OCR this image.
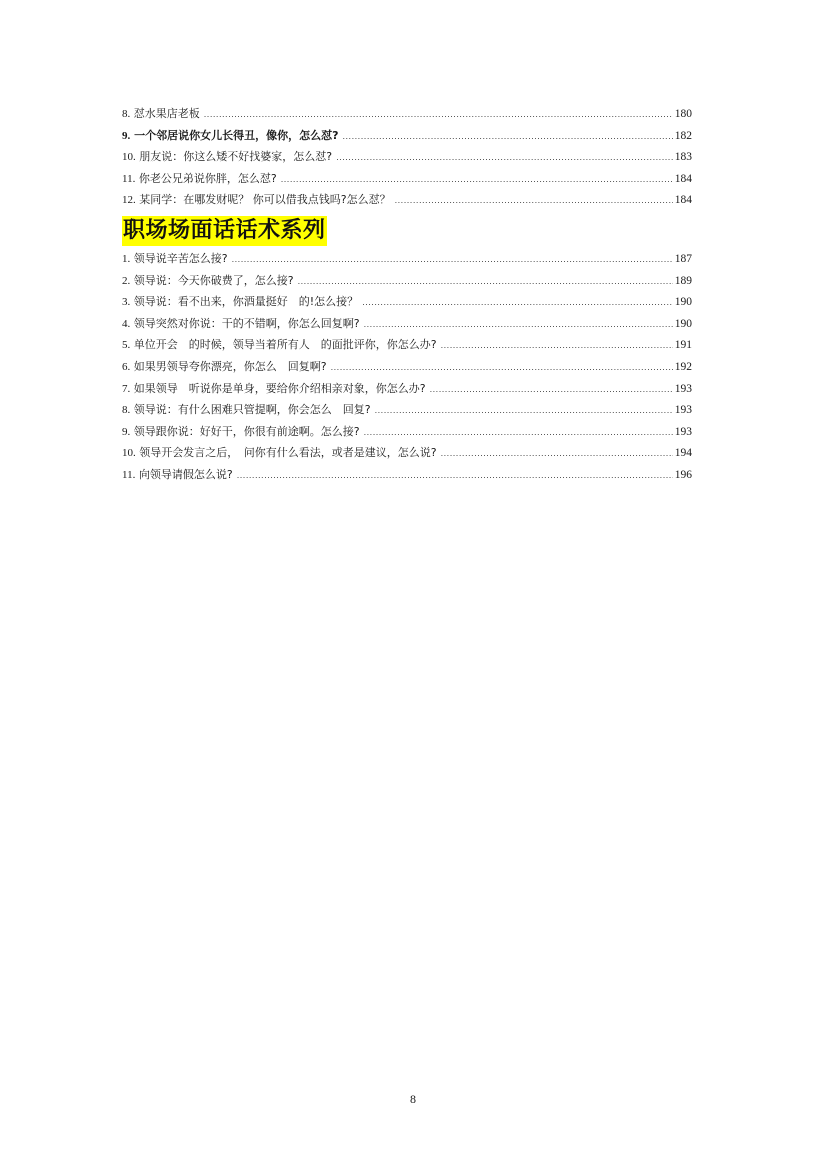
8. 怼水果店老板 .....	180
9. 一个邻居说你女儿长得丑，像你，怎么怼? .....	182
10. 朋友说：你这么矮不好找婆家，怎么怼? .....	183
11. 你老公兄弟说你胖，怎么怼? .....	184
12. 某同学：在哪发财呢？ 你可以借我点钱吗?怎么怼？ .....	184
职场场面话话术系列
1. 领导说辛苦怎么接? .....	187
2. 领导说：今天你破费了，怎么接? .....	189
3. 领导说：看不出来，你酒量挺好　的!怎么接？ .....	190
4. 领导突然对你说：干的不错啊，你怎么回复啊? .....	190
5. 单位开会　的时候，领导当着所有人　的面批评你，你怎么办? .....	191
6. 如果男领导夸你漂亮，你怎么　回复啊? .....	192
7. 如果领导　听说你是单身，要给你介绍相亲对象，你怎么办? .....	193
8. 领导说：有什么困难只管提啊，你会怎么　回复? .....	193
9. 领导跟你说：好好干，你很有前途啊。怎么接? .....	193
10. 领导开会发言之后，　问你有什么看法，或者是建议，怎么说? .....	194
11. 向领导请假怎么说? .....	196
8
